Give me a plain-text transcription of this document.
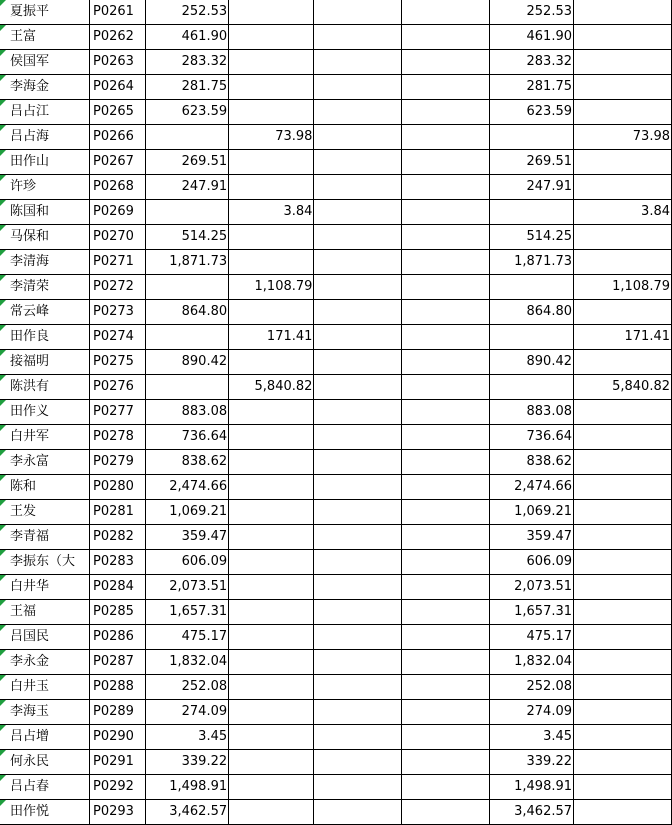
夏振平	P0261	252.53				252.53	

王富	P0262	461.90				461.90	

侯国军	P0263	283.32				283.32	

李海金	P0264	281.75				281.75	

吕占江	P0265	623.59				623.59	

吕占海	P0266		73.98				73.98

田作山	P0267	269.51				269.51	

许珍	P0268	247.91				247.91	

陈国和	P0269		3.84				3.84

马保和	P0270	514.25				514.25	

李清海	P0271	1,871.73				1,871.73	

李清荣	P0272		1,108.79				1,108.79

常云峰	P0273	864.80				864.80	

田作良	P0274		171.41				171.41

接福明	P0275	890.42				890.42	

陈洪有	P0276		5,840.82				5,840.82

田作义	P0277	883.08				883.08	

白井军	P0278	736.64				736.64	

李永富	P0279	838.62				838.62	

陈和	P0280	2,474.66				2,474.66	

王发	P0281	1,069.21				1,069.21	

李青福	P0282	359.47				359.47	

李振东（大	P0283	606.09				606.09	

白井华	P0284	2,073.51				2,073.51	

王福	P0285	1,657.31				1,657.31	

吕国民	P0286	475.17				475.17	

李永金	P0287	1,832.04				1,832.04	

白井玉	P0288	252.08				252.08	

李海玉	P0289	274.09				274.09	

吕占增	P0290	3.45				3.45	

何永民	P0291	339.22				339.22	

吕占春	P0292	1,498.91				1,498.91	

田作悦	P0293	3,462.57				3,462.57	
